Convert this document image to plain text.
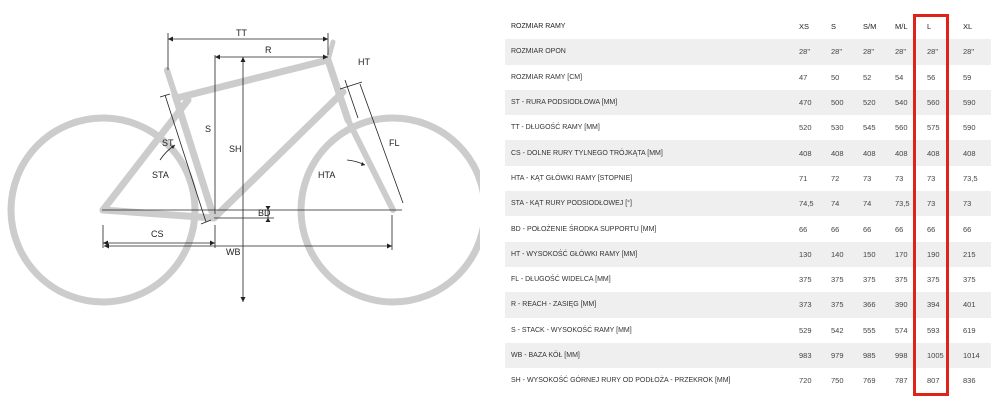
TT
R
HT
ST
S
SH
STA	HTA
FL
BD
CS
WB
ROZMIAR RAMY	XS	S	S/M	M/L	L	XL
ROZMIAR OPON	28"	28"	28"	28"	28"	28"
ROZMIAR RAMY [CM]	47	50	52	54	56	59
ST - RURA PODSIODŁOWA [MM]	470	500	520	540	560	590
TT - DŁUGOŚĆ RAMY [MM]	520	530	545	560	575	590
CS - DOLNE RURY TYLNEGO TRÓJKĄTA [MM]	408	408	408	408	408	408
HTA - KĄT GŁÓWKI RAMY [STOPNIE]	71	72	73	73	73	73,5
STA - KĄT RURY PODSIODŁOWEJ [°]	74,5	74	74	73,5	73	73
BD - POŁOŻENIE ŚRODKA SUPPORTU [MM]	66	66	66	66	66	66
HT - WYSOKOŚĆ GŁÓWKI RAMY [MM]	130	140	150	170	190	215
FL - DŁUGOŚĆ WIDELCA [MM]	375	375	375	375	375	375
R - REACH - ZASIĘG [MM]	373	375	366	390	394	401
S - STACK - WYSOKOŚĆ RAMY [MM]	529	542	555	574	593	619
WB - BAZA KÓŁ [MM]	983	979	985	998	1005	1014
SH - WYSOKOŚĆ GÓRNEJ RURY OD PODŁOŻA - PRZEKROK [MM]	720	750	769	787	807	836
